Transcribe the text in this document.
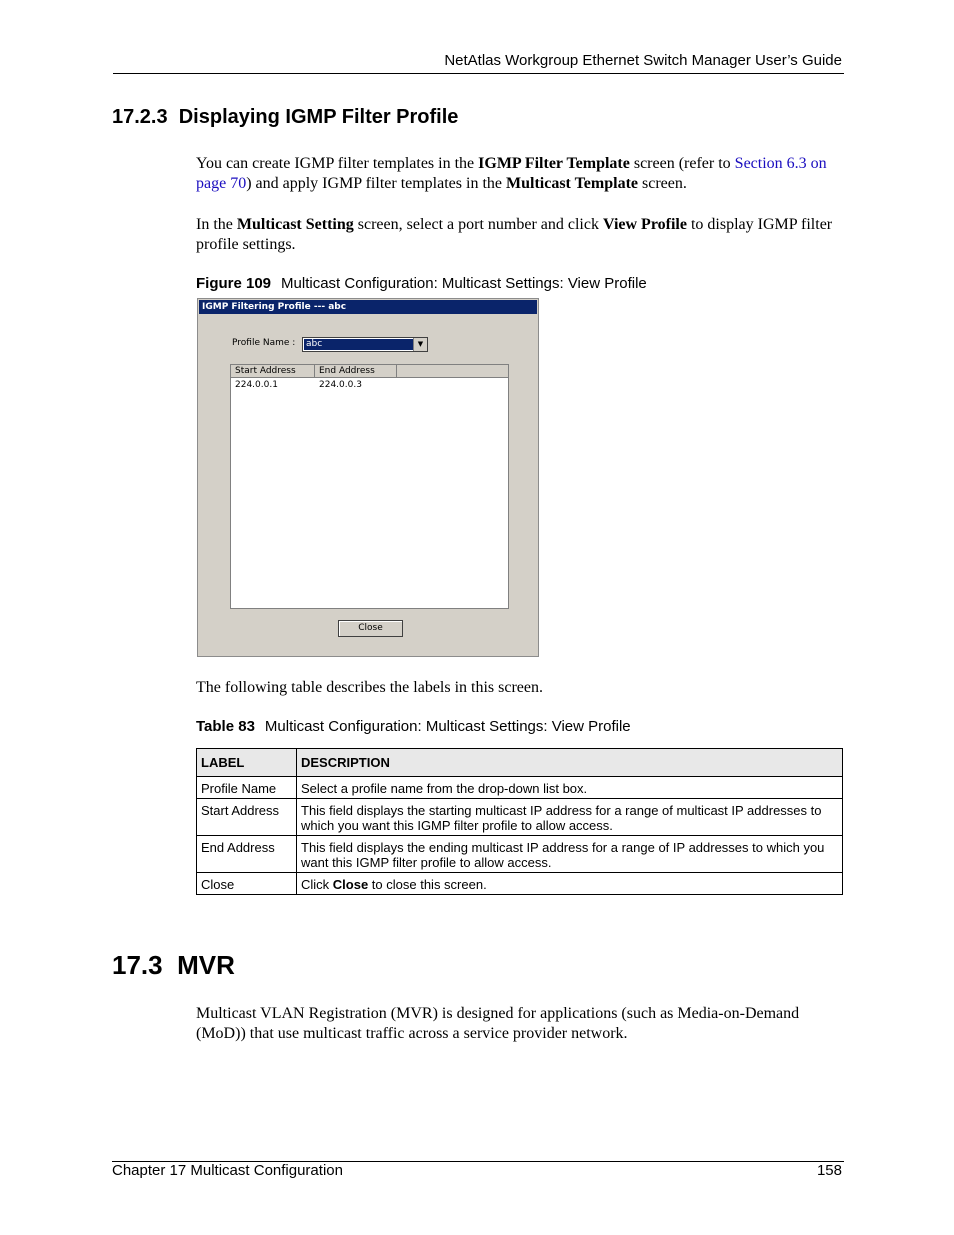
NetAtlas Workgroup Ethernet Switch Manager User’s Guide
17.2.3 Displaying IGMP Filter Profile
You can create IGMP filter templates in the IGMP Filter Template screen (refer to Section 6.3 on page 70) and apply IGMP filter templates in the Multicast Template screen.
In the Multicast Setting screen, select a port number and click View Profile to display IGMP filter profile settings.
Figure 109 Multicast Configuration: Multicast Settings: View Profile
IGMP Filtering Profile --- abc
Profile Name : abc	▼
Start Address	End Address
224.0.0.1	224.0.0.3
Close
The following table describes the labels in this screen.
Table 83 Multicast Configuration: Multicast Settings: View Profile
LABEL	DESCRIPTION
Profile Name	Select a profile name from the drop-down list box.
Start Address	This field displays the starting multicast IP address for a range of multicast IP addresses to which you want this IGMP filter profile to allow access.
End Address	This field displays the ending multicast IP address for a range of IP addresses to which you want this IGMP filter profile to allow access.
Close	Click Close to close this screen.
17.3 MVR
Multicast VLAN Registration (MVR) is designed for applications (such as Media-on-Demand (MoD)) that use multicast traffic across a service provider network.
Chapter 17 Multicast Configuration	158
